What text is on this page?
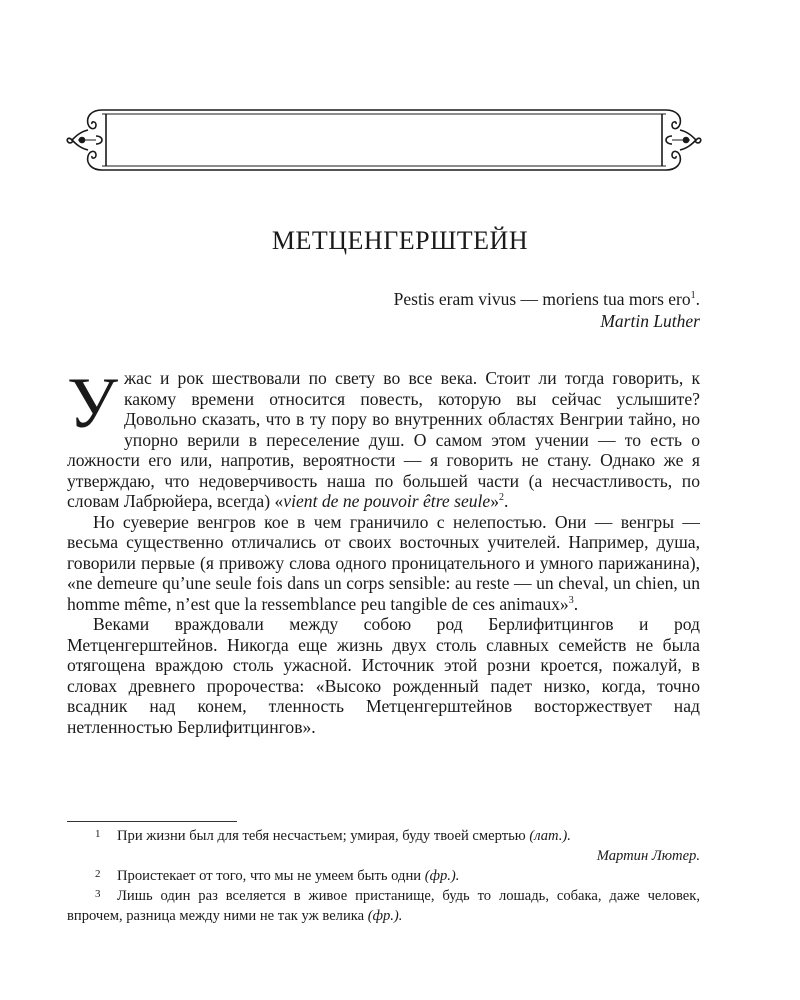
МЕТЦЕНГЕРШТЕЙН
Pestis eram vivus — moriens tua mors ero$^1$.
Martin Luther

Ужас и рок шествовали по свету во все века. Стоит ли тогда говорить, к какому времени относится повесть, которую вы сейчас услышите? Довольно сказать, что в ту пору во внутренних областях Венгрии тайно, но упорно верили в переселение душ. О самом этом учении — то есть о ложности его или, напротив, вероятности — я говорить не стану. Однако же я утверждаю, что недоверчивость наша по большей части (а несчастливость, по словам Лабрюйера, всегда) «vient de ne pouvoir être seule»$^2$.

Но суеверие венгров кое в чем граничило с нелепостью. Они — венгры — весьма существенно отличались от своих восточных учителей. Например, душа, говорили первые (я привожу слова одного проницательного и умного парижанина), «ne demeure qu’une seule fois dans un corps sensible: au reste — un cheval, un chien, un homme même, n’est que la ressemblance peu tangible de ces animaux»$^3$.

Веками враждовали между собою род Берлифитцингов и род Метценгерштейнов. Никогда еще жизнь двух столь славных семейств не была отягощена враждою столь ужасной. Источник этой розни кроется, пожалуй, в словах древнего пророчества: «Высоко рожденный падет низко, когда, точно всадник над конем, тленность Метценгерштейнов восторжествует над нетленностью Берлифитцингов».

1 При жизни был для тебя несчастьем; умирая, буду твоей смертью (лат.).

Мартин Лютер.

2 Проистекает от того, что мы не умеем быть одни (фр.).

3 Лишь один раз вселяется в живое пристанище, будь то лошадь, собака, даже человек, впрочем, разница между ними не так уж велика (фр.).
